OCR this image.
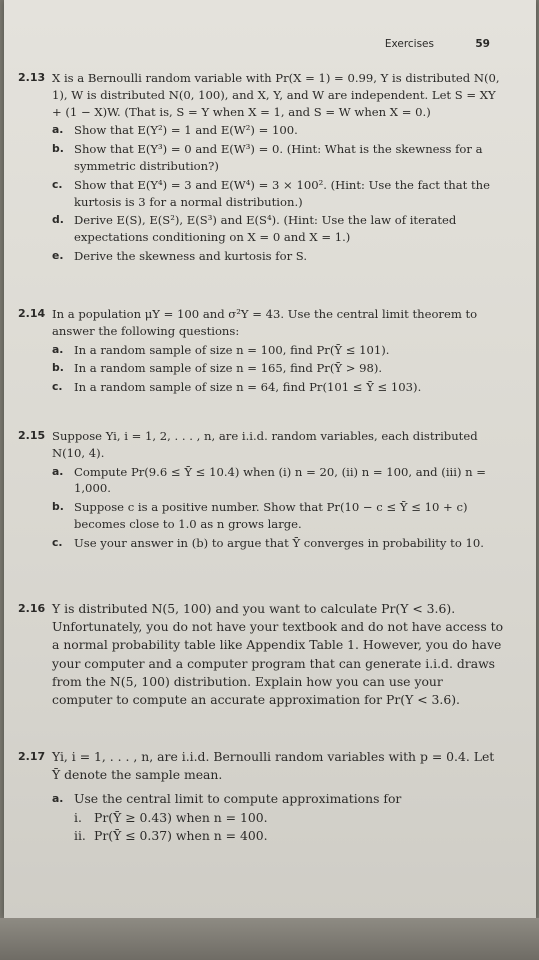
Exercises	59
2.13 X is a Bernoulli random variable with Pr(X = 1) = 0.99, Y is distributed N(0, 1), W is distributed N(0, 100), and X, Y, and W are independent. Let S = XY + (1 − X)W. (That is, S = Y when X = 1, and S = W when X = 0.)
a. Show that E(Y²) = 1 and E(W²) = 100.
b. Show that E(Y³) = 0 and E(W³) = 0. (Hint: What is the skewness for a symmetric distribution?)
c. Show that E(Y⁴) = 3 and E(W⁴) = 3 × 100². (Hint: Use the fact that the kurtosis is 3 for a normal distribution.)
d. Derive E(S), E(S²), E(S³) and E(S⁴). (Hint: Use the law of iterated expectations conditioning on X = 0 and X = 1.)
e. Derive the skewness and kurtosis for S.
2.14 In a population μY = 100 and σ²Y = 43. Use the central limit theorem to answer the following questions:
a. In a random sample of size n = 100, find Pr(Ȳ ≤ 101).
b. In a random sample of size n = 165, find Pr(Ȳ > 98).
c. In a random sample of size n = 64, find Pr(101 ≤ Ȳ ≤ 103).
2.15 Suppose Yi, i = 1, 2, . . . , n, are i.i.d. random variables, each distributed N(10, 4).
a. Compute Pr(9.6 ≤ Ȳ ≤ 10.4) when (i) n = 20, (ii) n = 100, and (iii) n = 1,000.
b. Suppose c is a positive number. Show that Pr(10 − c ≤ Ȳ ≤ 10 + c) becomes close to 1.0 as n grows large.
c. Use your answer in (b) to argue that Ȳ converges in probability to 10.
2.16 Y is distributed N(5, 100) and you want to calculate Pr(Y < 3.6). Unfortunately, you do not have your textbook and do not have access to a normal probability table like Appendix Table 1. However, you do have your computer and a computer program that can generate i.i.d. draws from the N(5, 100) distribution. Explain how you can use your computer to compute an accurate approximation for Pr(Y < 3.6).
2.17 Yi, i = 1, . . . , n, are i.i.d. Bernoulli random variables with p = 0.4. Let Ȳ denote the sample mean.
a. Use the central limit to compute approximations for
i. Pr(Ȳ ≥ 0.43) when n = 100.
ii. Pr(Ȳ ≤ 0.37) when n = 400.
